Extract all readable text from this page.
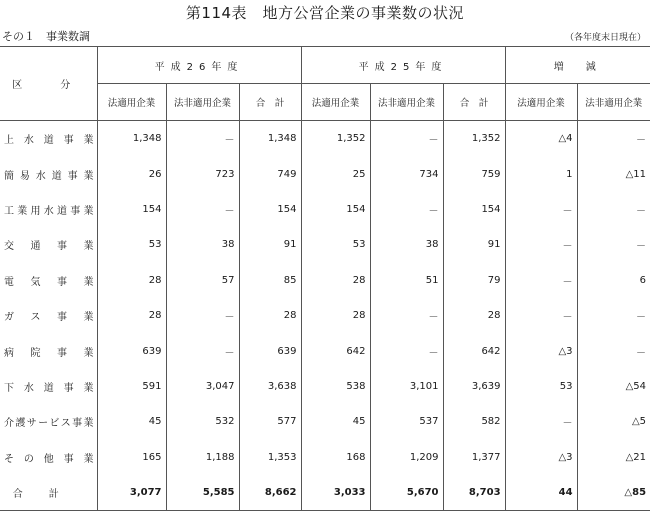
第114表　地方公営企業の事業数の状況
その１　事業数調	（各年度末日現在）
区　分	平成26年度			平成25年度			増　減	
	法適用企業	法非適用企業	合　計	法適用企業	法非適用企業	合　計	法適用企業	法非適用企業
上水道事業	1,348	－	1,348	1,352	－	1,352	△4	－
簡易水道事業	26	723	749	25	734	759	1	△11
工業用水道事業	154	－	154	154	－	154	－	－
交通事業	53	38	91	53	38	91	－	－
電気事業	28	57	85	28	51	79	－	6
ガス事業	28	－	28	28	－	28	－	－
病院事業	639	－	639	642	－	642	△3	－
下水道事業	591	3,047	3,638	538	3,101	3,639	53	△54
介護サービス事業	45	532	577	45	537	582	－	△5
その他事業	165	1,188	1,353	168	1,209	1,377	△3	△21
合計	3,077	5,585	8,662	3,033	5,670	8,703	44	△85
